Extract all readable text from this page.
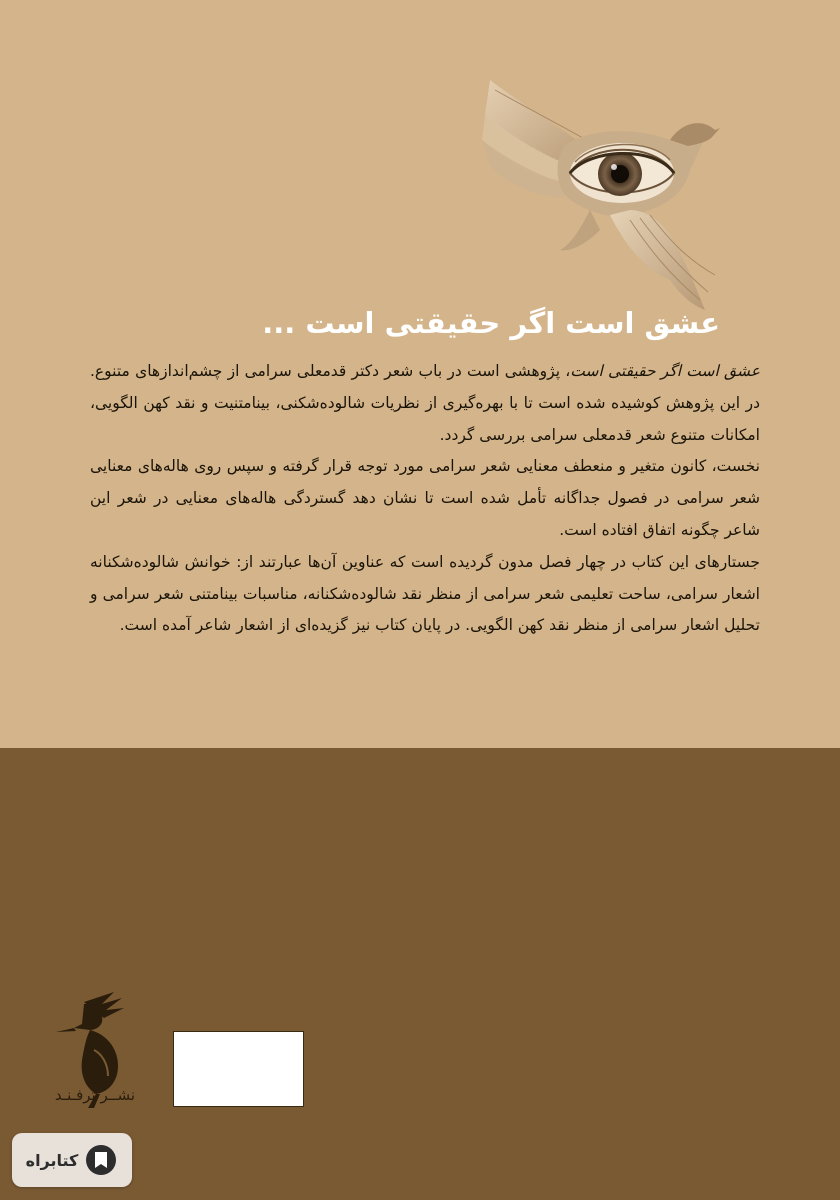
عشق است اگر حقیقتی است ...

عشق است اگر حقیقتی است، پژوهشی است در باب شعر دکتر قدمعلی سرامی از چشم‌اندازهای متنوع. در این پژوهش کوشیده شده است تا با بهره‌گیری از نظریات شالوده‌شکنی، بینامتنیت و نقد کهن الگویی، امکانات متنوع شعر قدمعلی سرامی بررسی گردد.

نخست، کانون متغیر و منعطف معنایی شعر سرامی مورد توجه قرار گرفته و سپس روی هاله‌های معنایی شعر سرامی در فصول جداگانه تأمل شده است تا نشان دهد گستردگی هاله‌های معنایی در شعر این شاعر چگونه اتفاق افتاده است.

جستارهای این کتاب در چهار فصل مدون گردیده است که عناوین آن‌ها عبارتند از: خوانش شالوده‌شکنانه اشعار سرامی، ساحت تعلیمی شعر سرامی از منظر نقد شالوده‌شکنانه، مناسبات بینامتنی شعر سرامی و تحلیل اشعار سرامی از منظر نقد کهن الگویی. در پایان کتاب نیز گزیده‌ای از اشعار شاعر آمده است.

نشــر ترفـنـد
کتابراه
